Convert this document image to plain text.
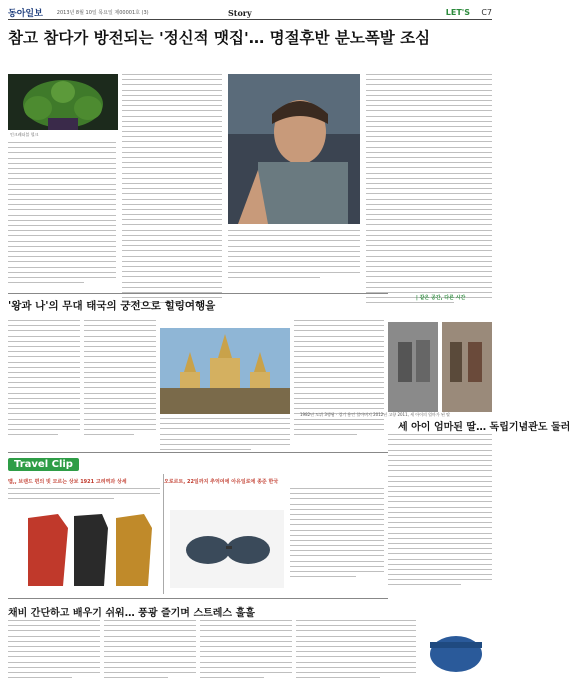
동아일보	2013년 8월 10일 목요일 제00001호 (3)	Story	LET'S C7
참고 참다가 방전되는 '정신적 맷집'… 명절후반 분노폭발 조심
인크레더블 헐크
| 같은 공간, 다른 시간
'왕과 나'의 무대 태국의 궁전으로 힐링여행을
1982년 도뷔 3행됨 · 경기 용인 할아버지 2012년 고향 2011, 세 아이의 엄마가 된 딸
세 아이 엄마된 딸… 독립기념관도 둘러
Travel Clip
맵,, 브랜드 편의 빗 모르는 상보 1921 고려역과 상세	오로르트, 22일까지 추억여에 아유일로에 종준 한국
채비 간단하고 배우기 쉬워… 풍광 즐기며 스트레스 훌훌
